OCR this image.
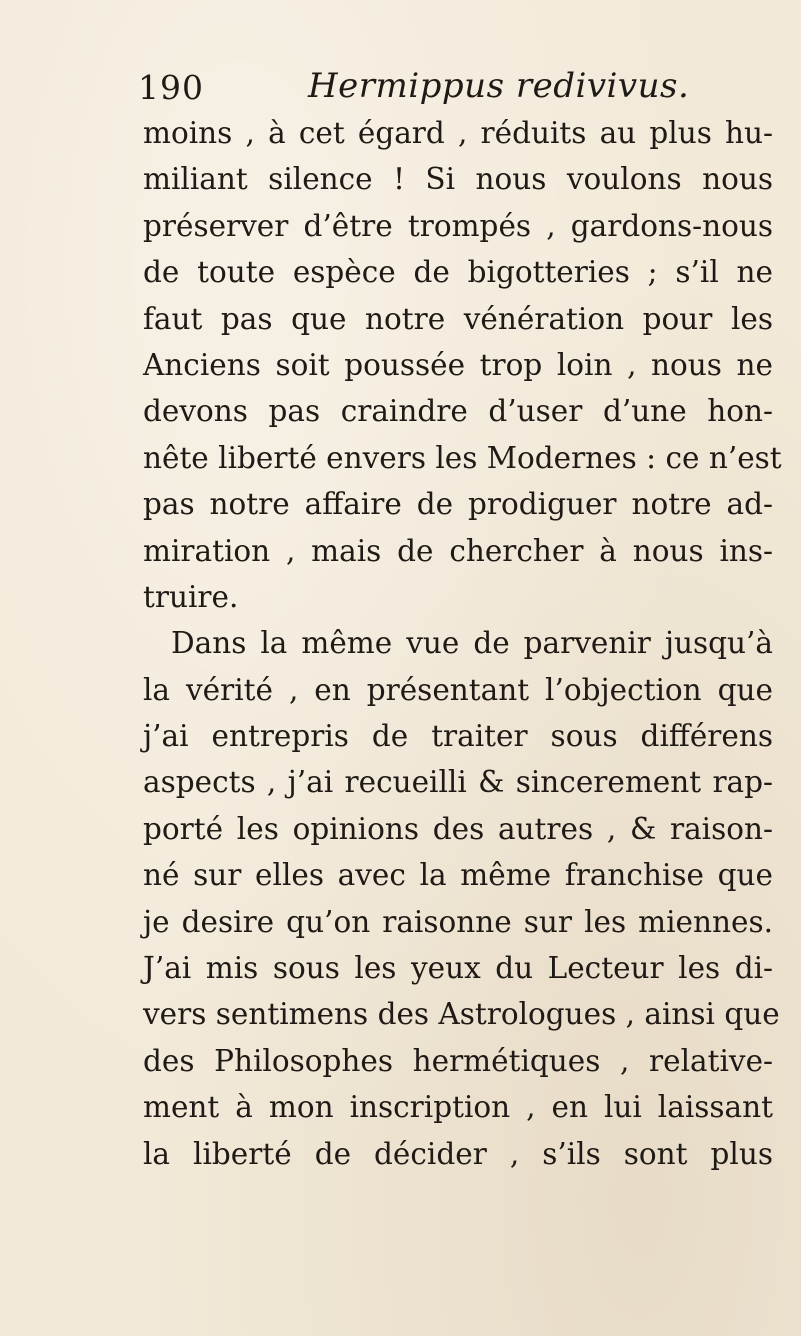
190	Hermippus redivivus.
moins , à cet égard , réduits au plus hu-
miliant silence ! Si nous voulons nous
préserver d’être trompés , gardons-nous
de toute espèce de bigotteries ; s’il ne
faut pas que notre vénération pour les
Anciens soit poussée trop loin , nous ne
devons pas craindre d’user d’une hon-
nête liberté envers les Modernes : ce n’est
pas notre affaire de prodiguer notre ad-
miration , mais de chercher à nous ins-
truire.
Dans la même vue de parvenir jusqu’à
la vérité , en présentant l’objection que
j’ai entrepris de traiter sous différens
aspects , j’ai recueilli & sincerement rap-
porté les opinions des autres , & raison-
né sur elles avec la même franchise que
je desire qu’on raisonne sur les miennes.
J’ai mis sous les yeux du Lecteur les di-
vers sentimens des Astrologues , ainsi que
des Philosophes hermétiques , relative-
ment à mon inscription , en lui laissant
la liberté de décider , s’ils sont plus
